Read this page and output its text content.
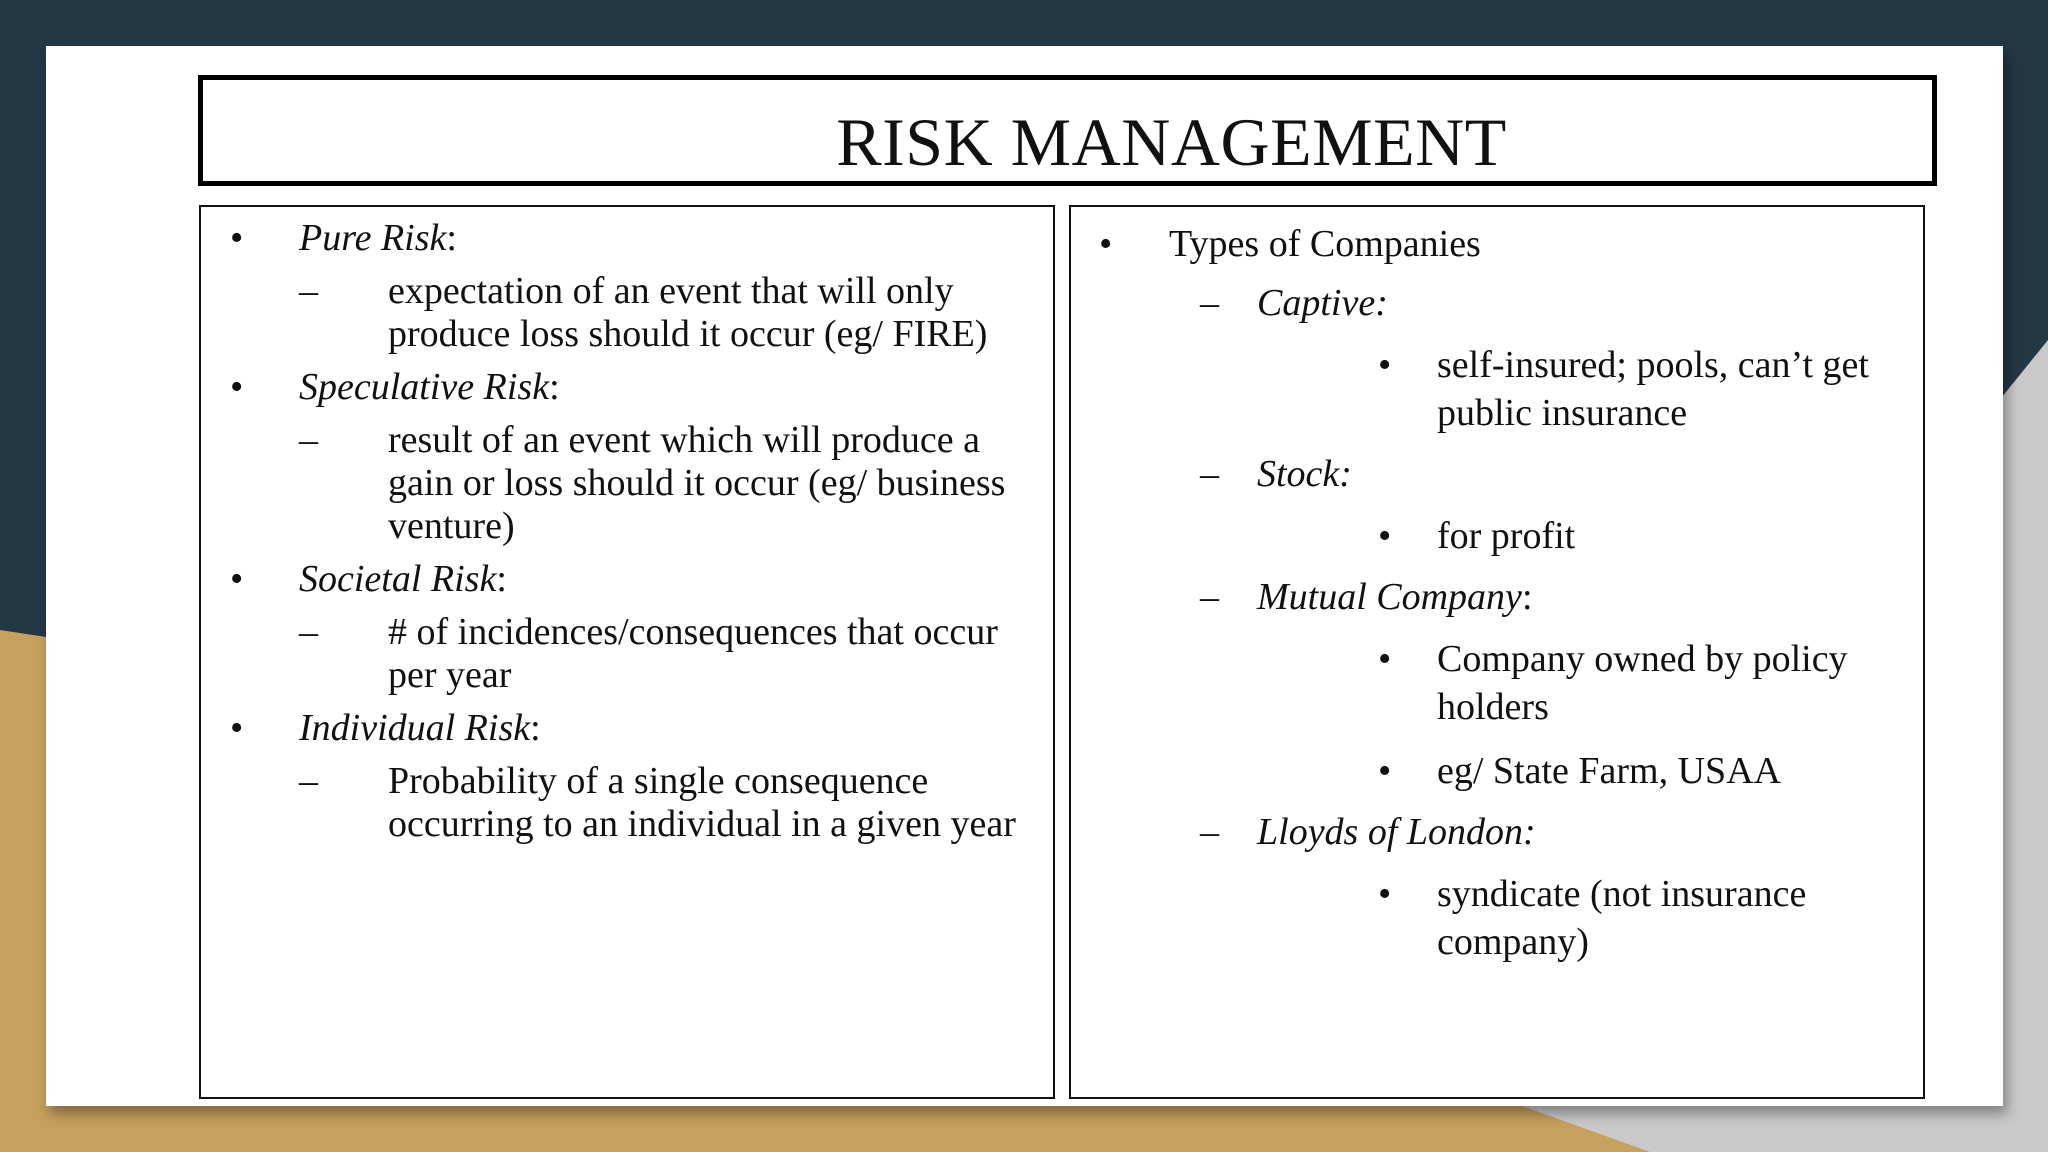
RISK MANAGEMENT
• Pure Risk:
– expectation of an event that will only produce loss should it occur (eg/ FIRE)
• Speculative Risk:
– result of an event which will produce a gain or loss should it occur (eg/ business venture)
• Societal Risk:
– # of incidences/consequences that occur per year
• Individual Risk:
– Probability of a single consequence occurring to an individual in a given year
• Types of Companies
– Captive:
• self-insured; pools, can’t get public insurance
– Stock:
• for profit
– Mutual Company:
• Company owned by policy holders
• eg/ State Farm, USAA
– Lloyds of London:
• syndicate (not insurance company)
